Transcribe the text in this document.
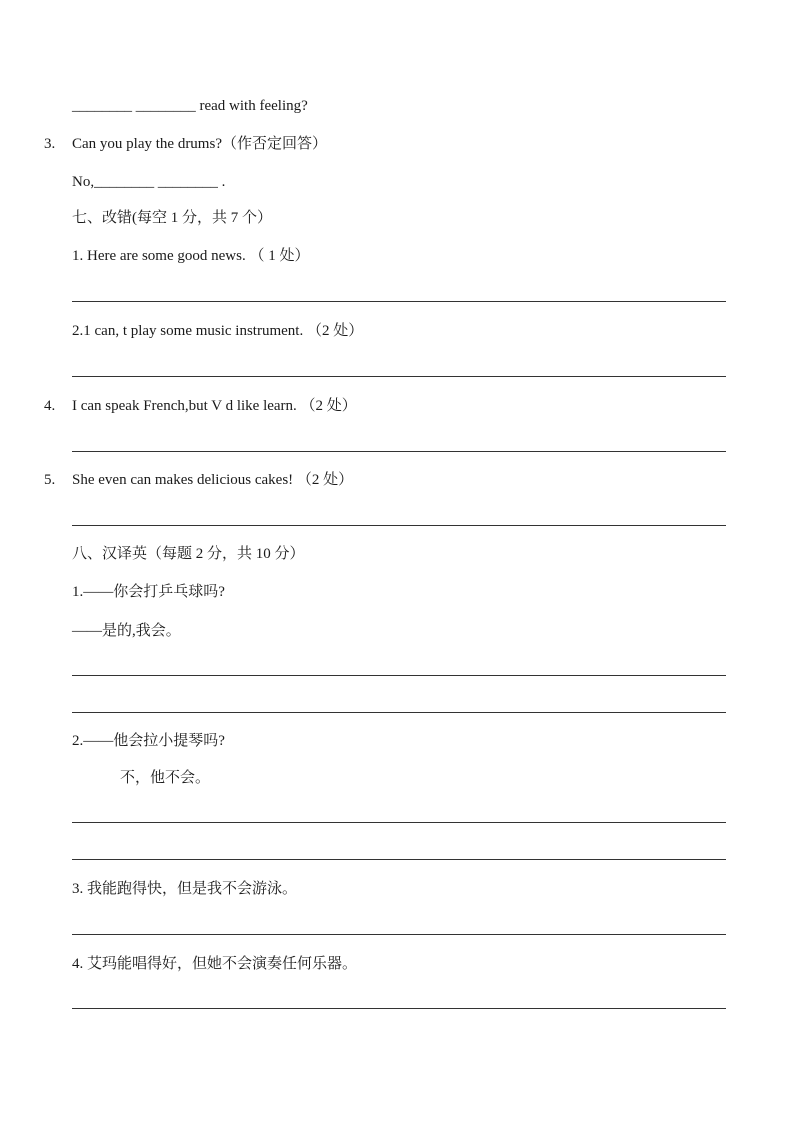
________ ________ read with feeling?
3. Can you play the drums?（作否定回答）
No,________ ________ .
七、改错(每空 1 分，共 7 个）
1. Here are some good news. （ 1 处）
2.1 can, t play some music instrument. （2 处）
4. I can speak French,but V d like learn. （2 处）
5. She even can makes delicious cakes! （2 处）
八、汉译英（每题 2 分，共 10 分）
1.——你会打乒乓球吗?
——是的,我会。
2.——他会拉小提琴吗?
不，他不会。
3. 我能跑得快，但是我不会游泳。
4. 艾玛能唱得好，但她不会演奏任何乐器。
